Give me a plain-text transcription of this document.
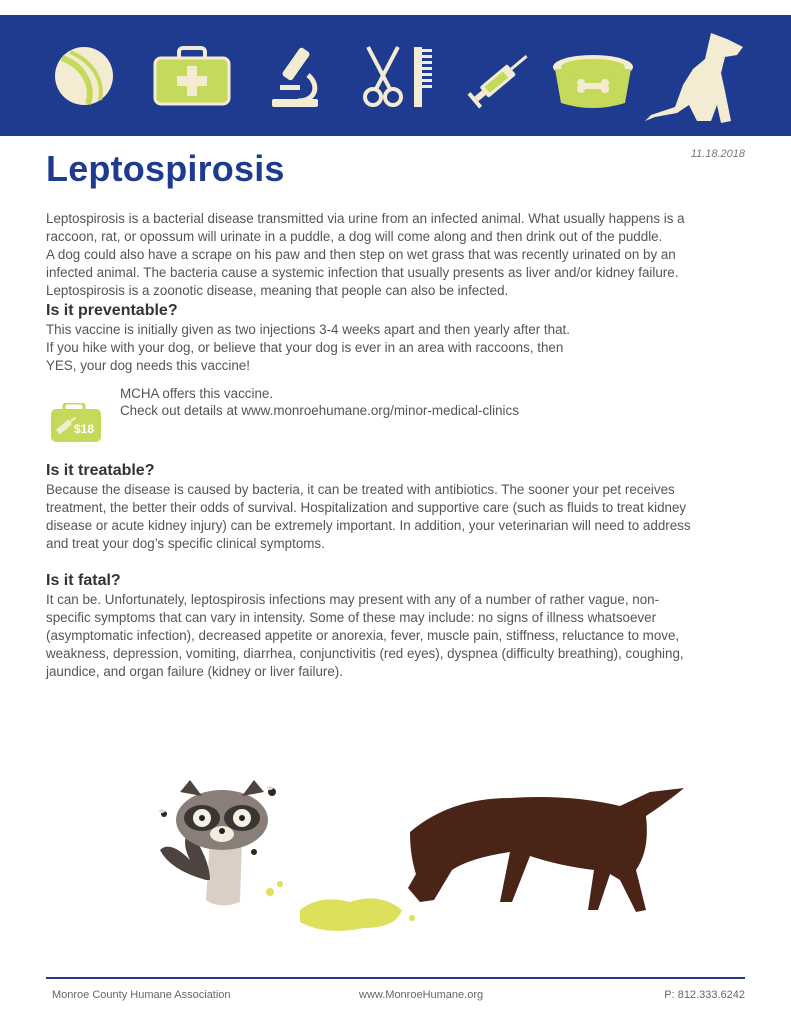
11.18.2018
Leptospirosis

Leptospirosis is a bacterial disease transmitted via urine from an infected animal. What usually happens is a
raccoon, rat, or opossum will urinate in a puddle, a dog will come along and then drink out of the puddle.
A dog could also have a scrape on his paw and then step on wet grass that was recently urinated on by an
infected animal. The bacteria cause a systemic infection that usually presents as liver and/or kidney failure.
Leptospirosis is a zoonotic disease, meaning that people can also be infected.

Is it preventable?

This vaccine is initially given as two injections 3-4 weeks apart and then yearly after that.
If you hike with your dog, or believe that your dog is ever in an area with raccoons, then
YES, your dog needs this vaccine!

$18
MCHA offers this vaccine.
Check out details at www.monroehumane.org/minor-medical-clinics
Is it treatable?

Because the disease is caused by bacteria, it can be treated with antibiotics. The sooner your pet receives
treatment, the better their odds of survival. Hospitalization and supportive care (such as fluids to treat kidney
disease or acute kidney injury) can be extremely important. In addition, your veterinarian will need to address
and treat your dog’s specific clinical symptoms.

Is it fatal?

It can be. Unfortunately, leptospirosis infections may present with any of a number of rather vague, non-
specific symptoms that can vary in intensity. Some of these may include: no signs of illness whatsoever
(asymptomatic infection), decreased appetite or anorexia, fever, muscle pain, stiffness, reluctance to move,
weakness, depression, vomiting, diarrhea, conjunctivitis (red eyes), dyspnea (difficulty breathing), coughing,
jaundice, and organ failure (kidney or liver failure).

Monroe County Humane Association	www.MonroeHumane.org	P: 812.333.6242
